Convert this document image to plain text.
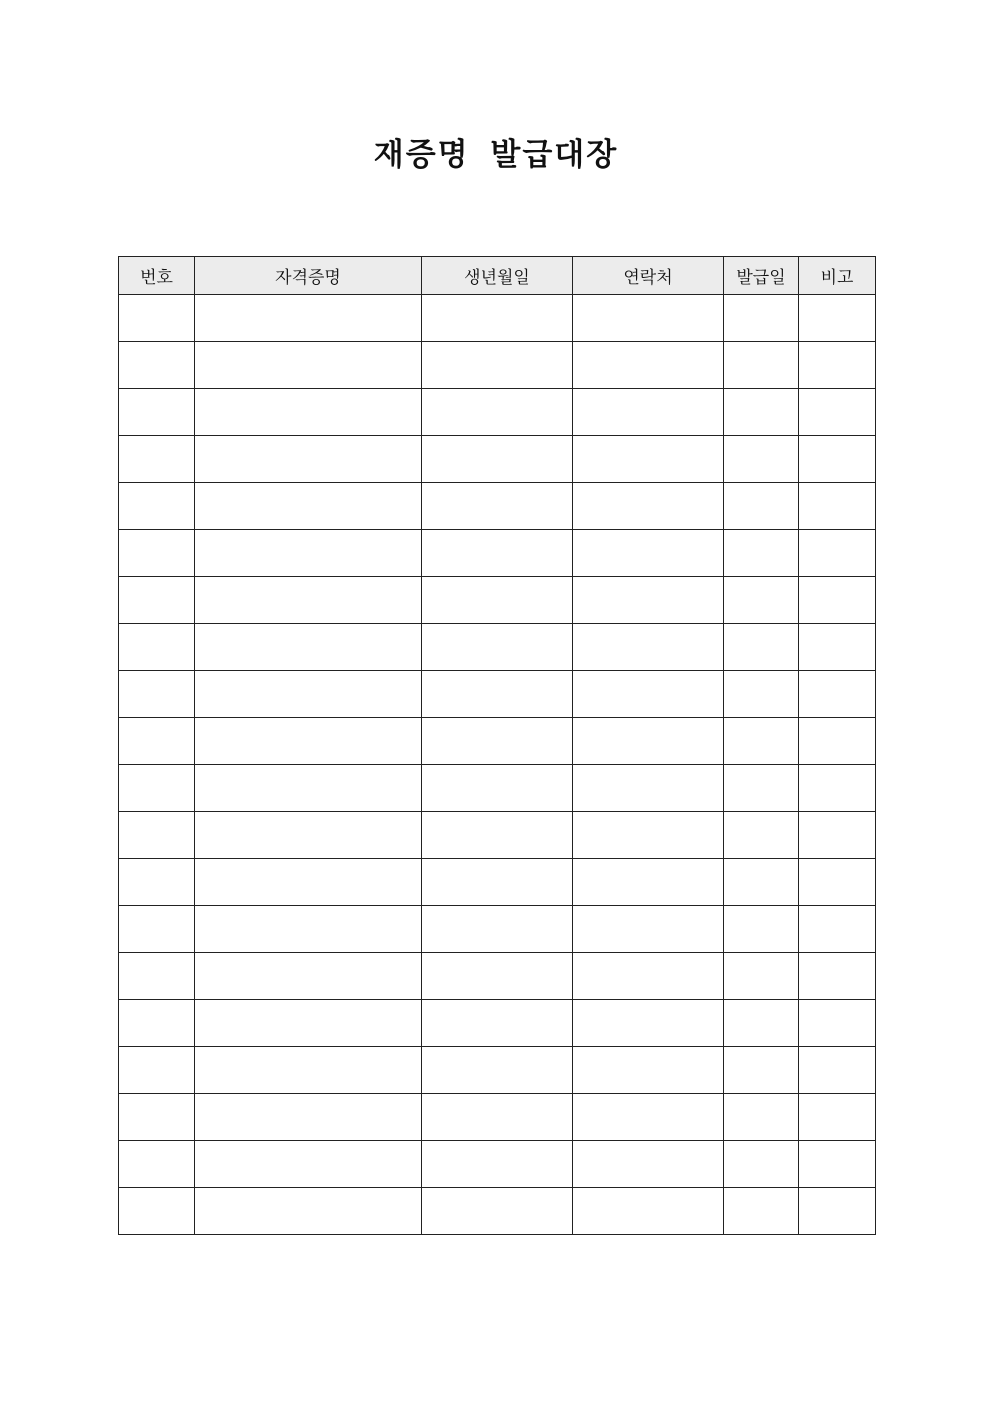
재증명 발급대장
번호	자격증명	생년월일	연락처	발급일	비고
